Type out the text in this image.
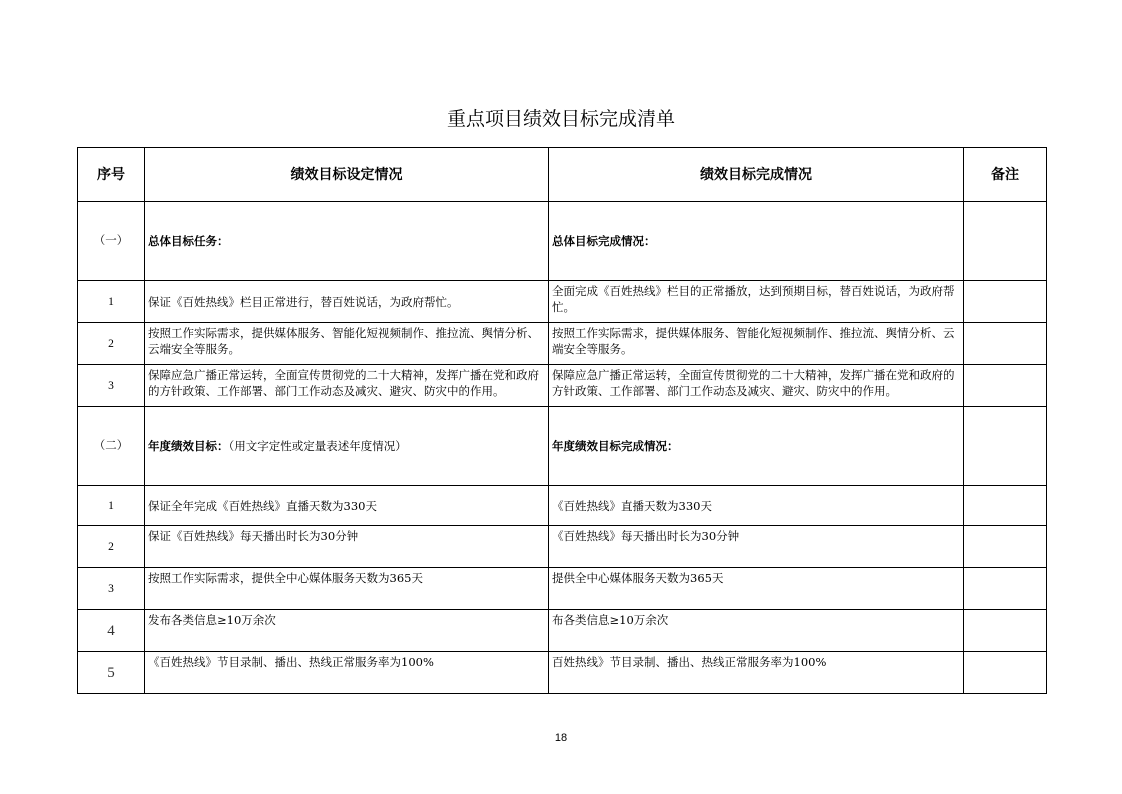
重点项目绩效目标完成清单
序号	绩效目标设定情况	绩效目标完成情况	备注
（一）	总体目标任务：	总体目标完成情况：	
1	保证《百姓热线》栏目正常进行，替百姓说话，为政府帮忙。	全面完成《百姓热线》栏目的正常播放，达到预期目标，替百姓说话，为政府帮忙。	
2	按照工作实际需求，提供媒体服务、智能化短视频制作、推拉流、舆情分析、云端安全等服务。	按照工作实际需求，提供媒体服务、智能化短视频制作、推拉流、舆情分析、云端安全等服务。	
3	保障应急广播正常运转，全面宣传贯彻党的二十大精神，发挥广播在党和政府的方针政策、工作部署、部门工作动态及减灾、避灾、防灾中的作用。	保障应急广播正常运转，全面宣传贯彻党的二十大精神，发挥广播在党和政府的方针政策、工作部署、部门工作动态及减灾、避灾、防灾中的作用。	
（二）	年度绩效目标：（用文字定性或定量表述年度情况）	年度绩效目标完成情况：	
1	保证全年完成《百姓热线》直播天数为330天	《百姓热线》直播天数为330天	
2	保证《百姓热线》每天播出时长为30分钟	《百姓热线》每天播出时长为30分钟	
3	按照工作实际需求，提供全中心媒体服务天数为365天	提供全中心媒体服务天数为365天	
4	发布各类信息≥10万余次	布各类信息≥10万余次	
5	《百姓热线》节目录制、播出、热线正常服务率为100%	百姓热线》节目录制、播出、热线正常服务率为100%	
18
